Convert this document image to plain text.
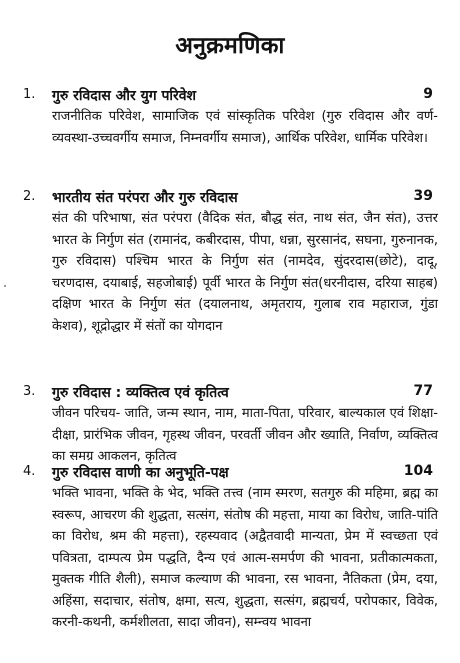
अनुक्रमणिका
1. गुरु रविदास और युग परिवेश	9
राजनीतिक परिवेश, सामाजिक एवं सांस्कृतिक परिवेश (गुरु रविदास और वर्ण-व्यवस्था-उच्चवर्गीय समाज, निम्नवर्गीय समाज), आर्थिक परिवेश, धार्मिक परिवेश।
2. भारतीय संत परंपरा और गुरु रविदास	39
संत की परिभाषा, संत परंपरा (वैदिक संत, बौद्ध संत, नाथ संत, जैन संत), उत्तर भारत के निर्गुण संत (रामानंद, कबीरदास, पीपा, धन्ना, सुरसानंद, सघना, गुरुनानक, गुरु रविदास) पश्चिम भारत के निर्गुण संत (नामदेव, सुंदरदास(छोटे), दादू, चरणदास, दयाबाई, सहजोबाई) पूर्वी भारत के निर्गुण संत(धरनीदास, दरिया साहब) दक्षिण भारत के निर्गुण संत (दयालनाथ, अमृतराय, गुलाब राव महाराज, गुंडा केशव), शूद्रोद्धार में संतों का योगदान
3. गुरु रविदास : व्यक्तित्व एवं कृतित्व	77
जीवन परिचय- जाति, जन्म स्थान, नाम, माता-पिता, परिवार, बाल्यकाल एवं शिक्षा-दीक्षा, प्रारंभिक जीवन, गृहस्थ जीवन, परवर्ती जीवन और ख्याति, निर्वाण, व्यक्तित्व का समग्र आकलन, कृतित्व
4. गुरु रविदास वाणी का अनुभूति-पक्ष	104
भक्ति भावना, भक्ति के भेद, भक्ति तत्त्व (नाम स्मरण, सतगुरु की महिमा, ब्रह्म का स्वरूप, आचरण की शुद्धता, सत्संग, संतोष की महत्ता, माया का विरोध, जाति-पांति का विरोध, श्रम की महत्ता), रहस्यवाद (अद्वैतवादी मान्यता, प्रेम में स्वच्छता एवं पवित्रता, दाम्पत्य प्रेम पद्धति, दैन्य एवं आत्म-समर्पण की भावना, प्रतीकात्मकता, मुक्तक गीति शैली), समाज कल्याण की भावना, रस भावना, नैतिकता (प्रेम, दया, अहिंसा, सदाचार, संतोष, क्षमा, सत्य, शुद्धता, सत्संग, ब्रह्मचर्य, परोपकार, विवेक, करनी-कथनी, कर्मशीलता, सादा जीवन), सम्न्वय भावना
